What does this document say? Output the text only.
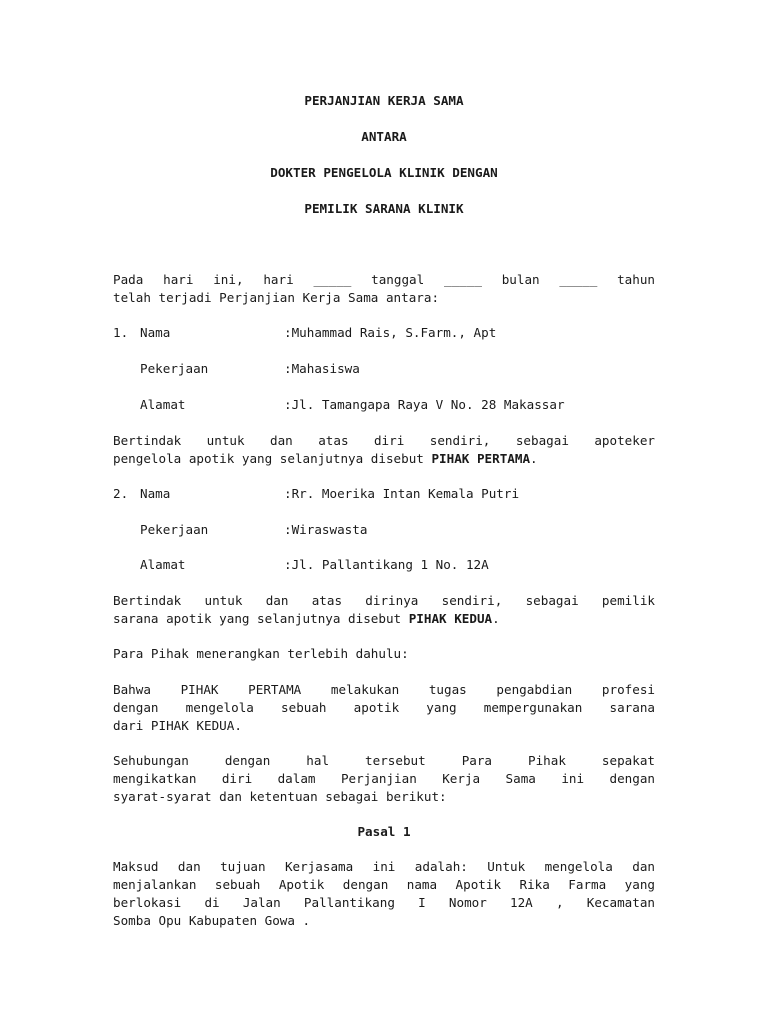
PERJANJIAN KERJA SAMA
ANTARA
DOKTER PENGELOLA KLINIK DENGAN
PEMILIK SARANA KLINIK
Pada hari ini, hari _____ tanggal _____ bulan _____ tahun
telah terjadi Perjanjian Kerja Sama antara:
1. Nama	:Muhammad Rais, S.Farm., Apt
Pekerjaan	:Mahasiswa
Alamat	:Jl. Tamangapa Raya V No. 28 Makassar
Bertindak untuk dan atas diri sendiri, sebagai apoteker
pengelola apotik yang selanjutnya disebut PIHAK PERTAMA.
2. Nama	:Rr. Moerika Intan Kemala Putri
Pekerjaan	:Wiraswasta
Alamat	:Jl. Pallantikang 1 No. 12A
Bertindak untuk dan atas dirinya sendiri, sebagai pemilik
sarana apotik yang selanjutnya disebut PIHAK KEDUA.
Para Pihak menerangkan terlebih dahulu:
Bahwa PIHAK PERTAMA melakukan tugas pengabdian profesi
dengan mengelola sebuah apotik yang mempergunakan sarana
dari PIHAK KEDUA.
Sehubungan dengan hal tersebut Para Pihak sepakat
mengikatkan diri dalam Perjanjian Kerja Sama ini dengan
syarat-syarat dan ketentuan sebagai berikut:
Pasal 1
Maksud dan tujuan Kerjasama ini adalah: Untuk mengelola dan
menjalankan sebuah Apotik dengan nama Apotik Rika Farma yang
berlokasi di Jalan Pallantikang I Nomor 12A , Kecamatan
Somba Opu Kabupaten Gowa .
